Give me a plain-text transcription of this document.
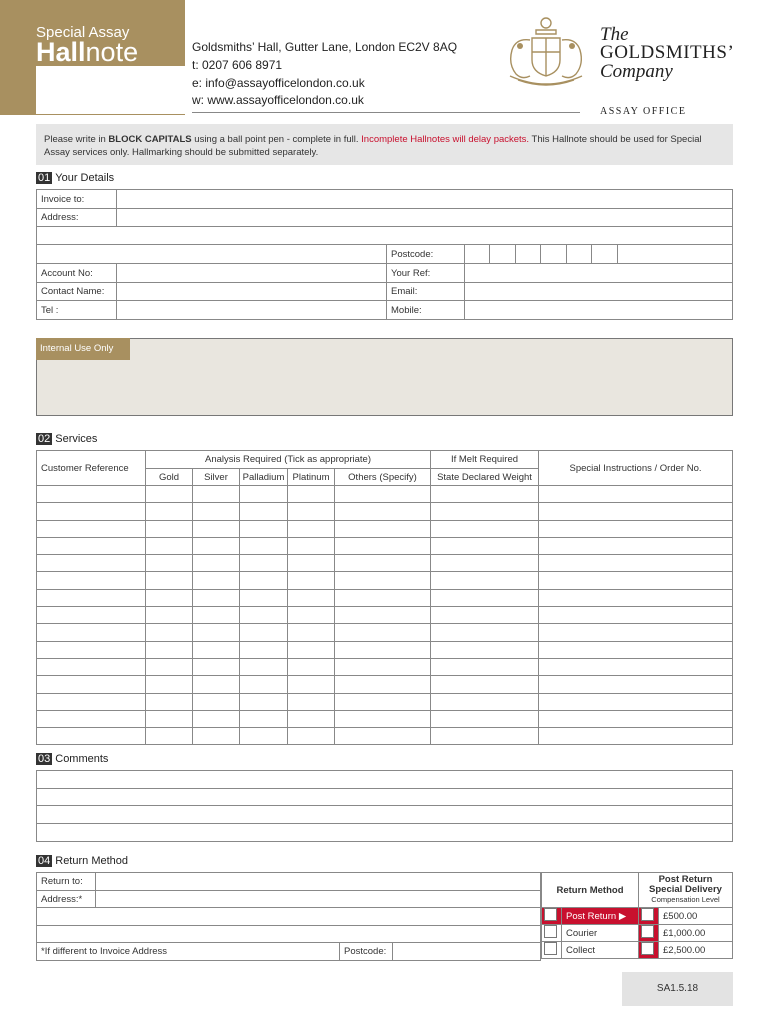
Special Assay
Hallnote	Goldsmiths’ Hall, Gutter Lane, London EC2V 8AQ
t: 0207 606 8971
e: info@assayofficelondon.co.uk
w: www.assayofficelondon.co.uk
The
GOLDSMITHS’
Company
ASSAY OFFICE
Please write in BLOCK CAPITALS using a ball point pen - complete in full. Incomplete Hallnotes will delay packets. This Hallnote should be used for Special Assay services only. Hallmarking should be submitted separately.
01 Your Details
Invoice to:									
Address:									

		Postcode:							
Account No:		Your Ref:							
Contact Name:		Email:							
Tel :		Mobile:							
Internal Use Only
02 Services
Customer Reference	Analysis Required (Tick as appropriate)					If Melt Required	Special Instructions / Order No.
	Gold	Silver	Palladium	Platinum	Others (Specify)	State Declared Weight	

03 Comments

04 Return Method
Return to:			
Address:*			

*If different to Invoice Address		Postcode:	
Return Method		Post Return
Special Delivery
Compensation Level	

	Post Return ▶		£500.00
	Courier		£1,000.00
	Collect		£2,500.00
SA1.5.18
